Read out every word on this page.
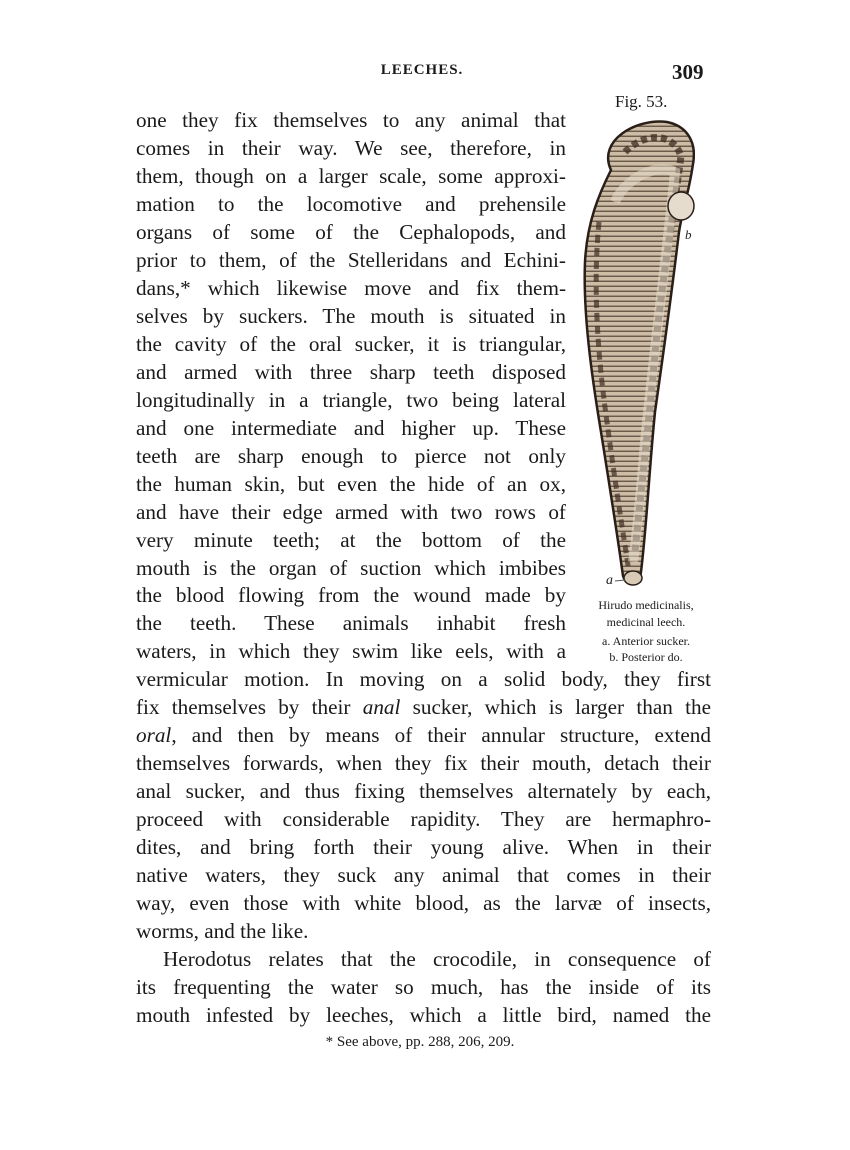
LEECHES.	309
Fig. 53.
b
a
Hirudo medicinalis,
medicinal leech.
a. Anterior sucker.
b. Posterior do.
one they fix themselves to any animal that
comes in their way. We see, therefore, in
them, though on a larger scale, some approxi-
mation to the locomotive and prehensile
organs of some of the Cephalopods, and
prior to them, of the Stelleridans and Echini-
dans,* which likewise move and fix them-
selves by suckers. The mouth is situated in
the cavity of the oral sucker, it is triangular,
and armed with three sharp teeth disposed
longitudinally in a triangle, two being lateral
and one intermediate and higher up. These
teeth are sharp enough to pierce not only
the human skin, but even the hide of an ox,
and have their edge armed with two rows of
very minute teeth; at the bottom of the
mouth is the organ of suction which imbibes
the blood flowing from the wound made by
the teeth. These animals inhabit fresh
waters, in which they swim like eels, with a
vermicular motion. In moving on a solid body, they first
fix themselves by their anal sucker, which is larger than the
oral, and then by means of their annular structure, extend
themselves forwards, when they fix their mouth, detach their
anal sucker, and thus fixing themselves alternately by each,
proceed with considerable rapidity. They are hermaphro-
dites, and bring forth their young alive. When in their
native waters, they suck any animal that comes in their
way, even those with white blood, as the larvæ of insects,
worms, and the like.
Herodotus relates that the crocodile, in consequence of
its frequenting the water so much, has the inside of its
mouth infested by leeches, which a little bird, named the
* See above, pp. 288, 206, 209.
